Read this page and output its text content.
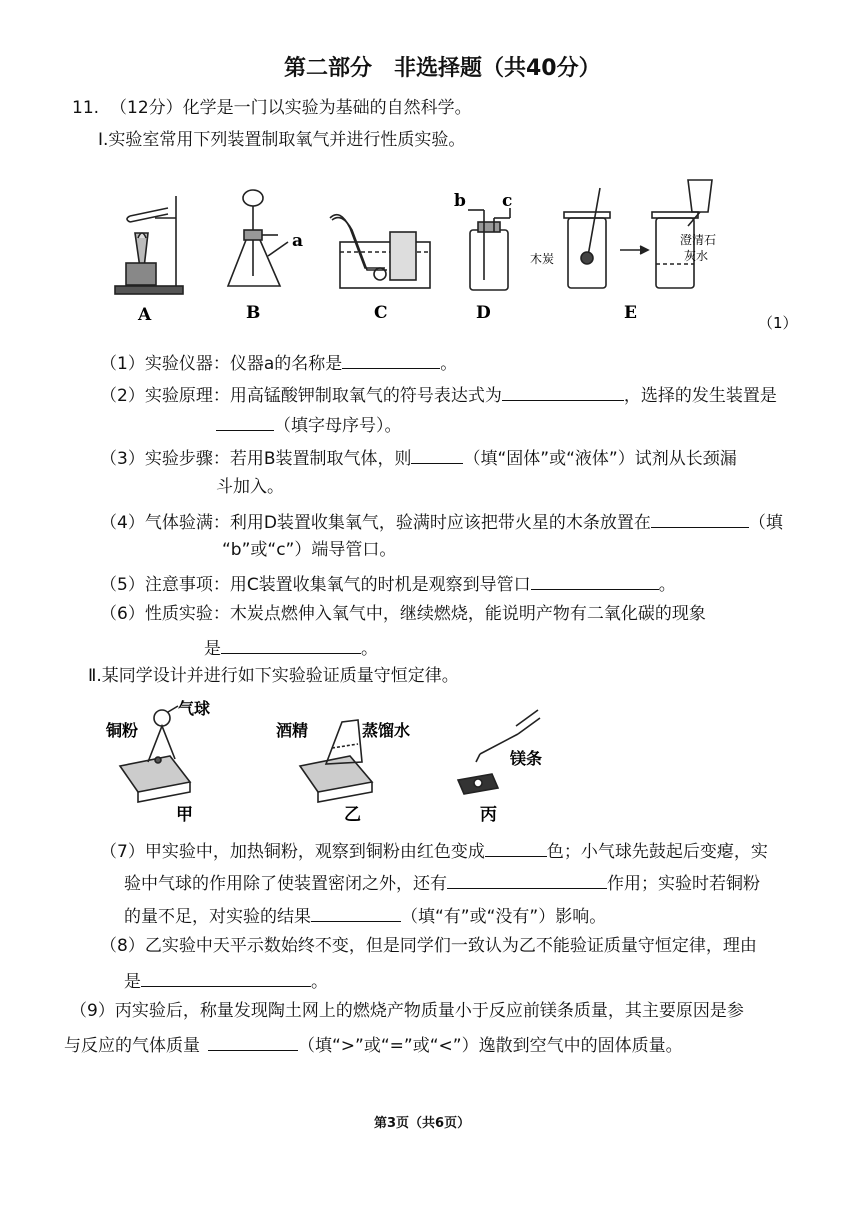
第二部分　非选择题（共40分）
11. （12分）化学是一门以实验为基础的自然科学。
Ⅰ.实验室常用下列装置制取氧气并进行性质实验。
澄清石
灰水
木炭
a
b c
A	B	C	D	E	（1）
（1）实验仪器：仪器a的名称是	。
（2）实验原理：用高锰酸钾制取氧气的符号表达式为	，选择的发生装置是
（填字母序号）。
（3）实验步骤：若用B装置制取气体，则	（填“固体”或“液体”）试剂从长颈漏
斗加入。
（4）气体验满：利用D装置收集氧气，验满时应该把带火星的木条放置在	（填
“b”或“c”）端导管口。
（5）注意事项：用C装置收集氧气的时机是观察到导管口	。
（6）性质实验：木炭点燃伸入氧气中，继续燃烧，能说明产物有二氧化碳的现象
是	。
Ⅱ.某同学设计并进行如下实验验证质量守恒定律。
铜粉
气球
酒精	蒸馏水
镁条
甲	乙	丙
（7）甲实验中，加热铜粉，观察到铜粉由红色变成	色；小气球先鼓起后变瘪，实
验中气球的作用除了使装置密闭之外，还有	作用；实验时若铜粉
的量不足，对实验的结果	（填“有”或“没有”）影响。
（8）乙实验中天平示数始终不变，但是同学们一致认为乙不能验证质量守恒定律，理由
是	。
（9）丙实验后，称量发现陶土网上的燃烧产物质量小于反应前镁条质量，其主要原因是参
与反应的气体质量	（填“>”或“=”或“<”）逸散到空气中的固体质量。
第3页（共6页）
